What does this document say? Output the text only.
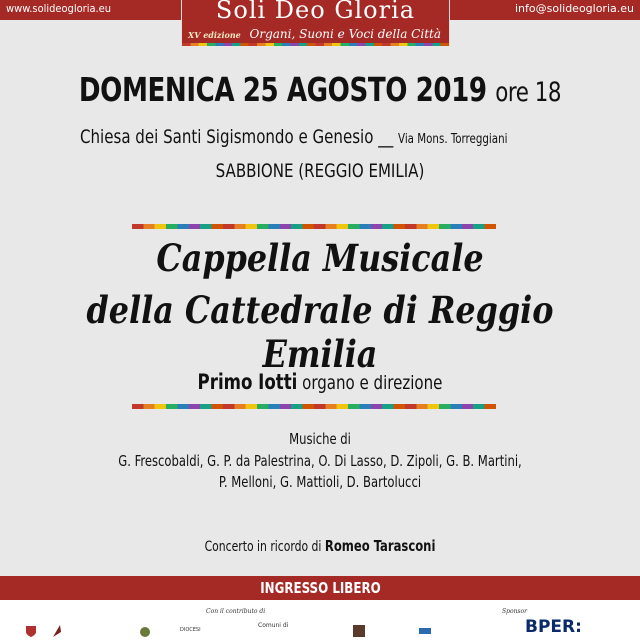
www.solideogloria.eu	info@solideogloria.eu
Soli Deo Gloria
XV edizione Organi, Suoni e Voci della Città
DOMENICA 25 AGOSTO 2019 ore 18
Chiesa dei Santi Sigismondo e Genesio __ Via Mons. Torreggiani
SABBIONE (REGGIO EMILIA)
Cappella Musicale
della Cattedrale di Reggio Emilia
Primo Iotti organo e direzione
Musiche di
G. Frescobaldi, G. P. da Palestrina, O. Di Lasso, D. Zipoli, G. B. Martini,
P. Melloni, G. Mattioli, D. Bartolucci
Concerto in ricordo di Romeo Tarasconi
INGRESSO LIBERO
Con il contributo di
DIOCESI
Comuni di
Sponsor
BPER:
